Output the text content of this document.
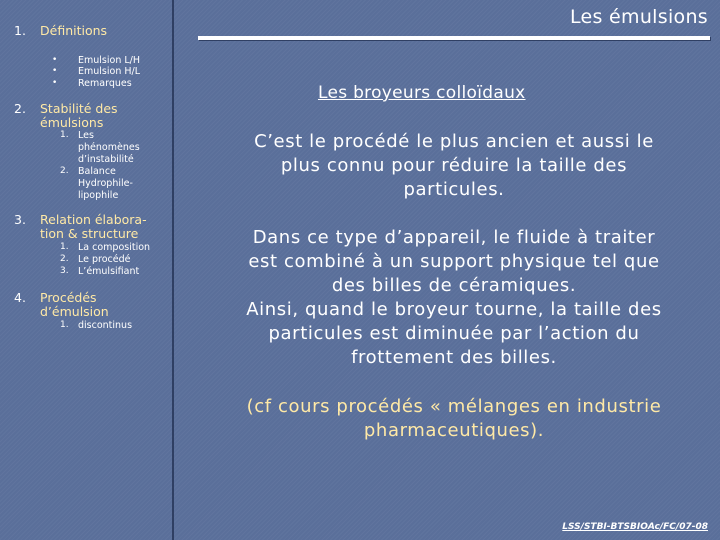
1. Définitions
• Emulsion L/H
• Emulsion H/L
• Remarques
2. Stabilité des
émulsions
1. Les
phénomènes
d’instabilité
2. Balance
Hydrophile-
lipophile
3. Relation élabora-
tion & structure
1. La composition
2. Le procédé
3. L’émulsifiant
4. Procédés
d’émulsion
1. discontinus
Les émulsions
Les broyeurs colloïdaux
C’est le procédé le plus ancien et aussi le
plus connu pour réduire la taille des
particules.
Dans ce type d’appareil, le fluide à traiter
est combiné à un support physique tel que
des billes de céramiques.
Ainsi, quand le broyeur tourne, la taille des
particules est diminuée par l’action du
frottement des billes.
(cf cours procédés « mélanges en industrie
pharmaceutiques).
LSS/STBI-BTSBIOAc/FC/07-08
